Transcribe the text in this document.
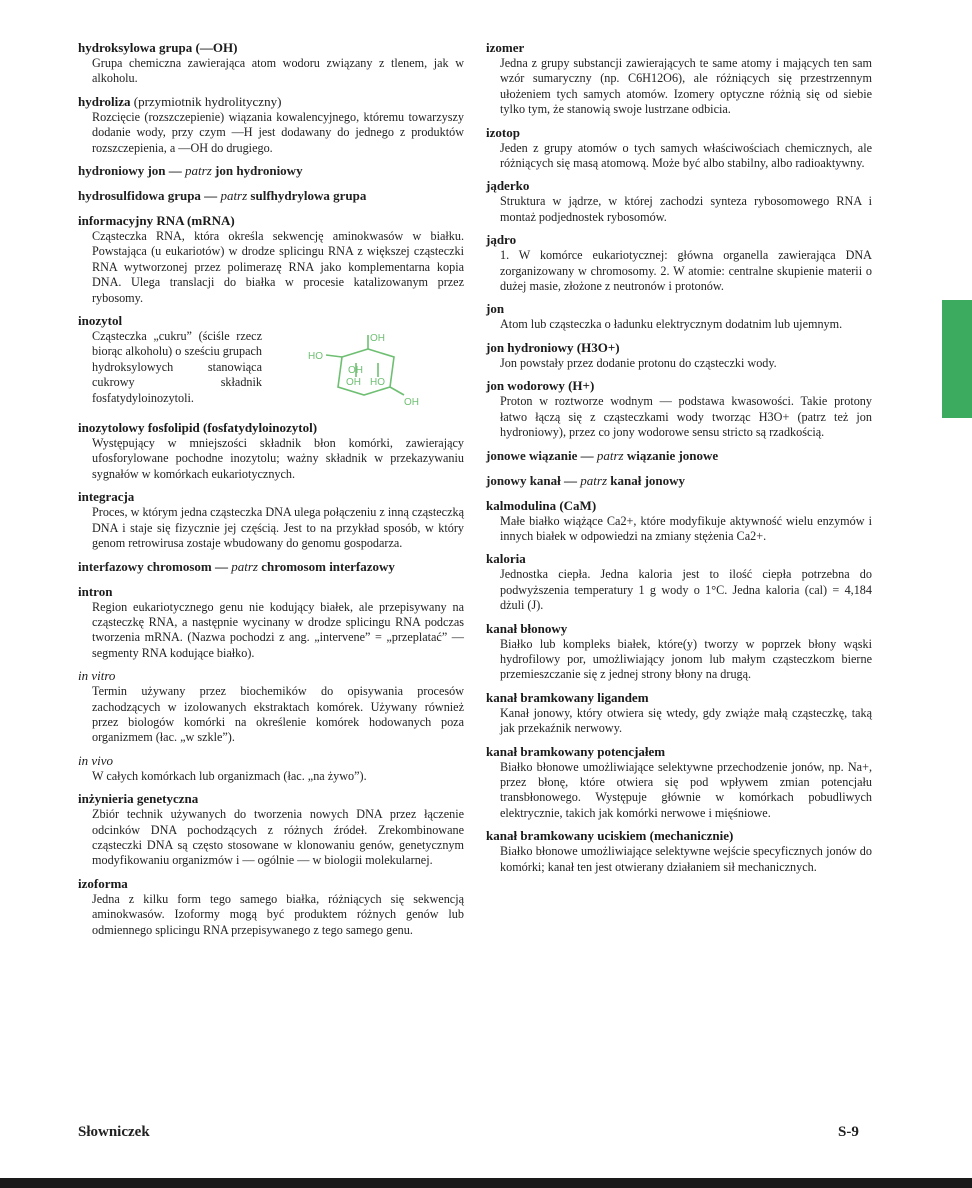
hydroksylowa grupa (—OH)
Grupa chemiczna zawierająca atom wodoru związany z tlenem, jak w alkoholu.
hydroliza (przymiotnik hydrolityczny)
Rozcięcie (rozszczepienie) wiązania kowalencyjnego, któremu towarzyszy dodanie wody, przy czym —H jest dodawany do jednego z produktów rozszczepienia, a —OH do drugiego.
hydroniowy jon — patrz jon hydroniowy
hydrosulfidowa grupa — patrz sulfhydrylowa grupa
informacyjny RNA (mRNA)
Cząsteczka RNA, która określa sekwencję aminokwasów w białku. Powstająca (u eukariotów) w drodze splicingu RNA z większej cząsteczki RNA wytworzonej przez polimerazę RNA jako komplementarna kopia DNA. Ulega translacji do białka w procesie katalizowanym przez rybosomy.
inozytol
Cząsteczka „cukru” (ściśle rzecz biorąc alkoholu) o sześciu grupach hydroksylowych stanowiąca cukrowy składnik fosfatydyloinozytoli.
OH
HO
OH
OH HO
OH
inozytolowy fosfolipid (fosfatydyloinozytol)
Występujący w mniejszości składnik błon komórki, zawierający ufosforylowane pochodne inozytolu; ważny składnik w przekazywaniu sygnałów w komórkach eukariotycznych.
integracja
Proces, w którym jedna cząsteczka DNA ulega połączeniu z inną cząsteczką DNA i staje się fizycznie jej częścią. Jest to na przykład sposób, w który genom retrowirusa zostaje wbudowany do genomu gospodarza.
interfazowy chromosom — patrz chromosom interfazowy
intron
Region eukariotycznego genu nie kodujący białek, ale przepisywany na cząsteczkę RNA, a następnie wycinany w drodze splicingu RNA podczas tworzenia mRNA. (Nazwa pochodzi z ang. „intervene” = „przeplatać” — segmenty RNA kodujące białko).
in vitro
Termin używany przez biochemików do opisywania procesów zachodzących w izolowanych ekstraktach komórek. Używany również przez biologów komórki na określenie komórek hodowanych poza organizmem (łac. „w szkle”).
in vivo
W całych komórkach lub organizmach (łac. „na żywo”).
inżynieria genetyczna
Zbiór technik używanych do tworzenia nowych DNA przez łączenie odcinków DNA pochodzących z różnych źródeł. Zrekombinowane cząsteczki DNA są często stosowane w klonowaniu genów, genetycznym modyfikowaniu organizmów i — ogólnie — w biologii molekularnej.
izoforma
Jedna z kilku form tego samego białka, różniących się sekwencją aminokwasów. Izoformy mogą być produktem różnych genów lub odmiennego splicingu RNA przepisywanego z tego samego genu.
izomer
Jedna z grupy substancji zawierających te same atomy i mających ten sam wzór sumaryczny (np. C6H12O6), ale różniących się przestrzennym ułożeniem tych samych atomów. Izomery optyczne różnią się od siebie tylko tym, że stanowią swoje lustrzane odbicia.
izotop
Jeden z grupy atomów o tych samych właściwościach chemicznych, ale różniących się masą atomową. Może być albo stabilny, albo radioaktywny.
jąderko
Struktura w jądrze, w której zachodzi synteza rybosomowego RNA i montaż podjednostek rybosomów.
jądro
1. W komórce eukariotycznej: główna organella zawierająca DNA zorganizowany w chromosomy. 2. W atomie: centralne skupienie materii o dużej masie, złożone z neutronów i protonów.
jon
Atom lub cząsteczka o ładunku elektrycznym dodatnim lub ujemnym.
jon hydroniowy (H3O+)
Jon powstały przez dodanie protonu do cząsteczki wody.
jon wodorowy (H+)
Proton w roztworze wodnym — podstawa kwasowości. Takie protony łatwo łączą się z cząsteczkami wody tworząc H3O+ (patrz też jon hydroniowy), przez co jony wodorowe sensu stricto są rzadkością.
jonowe wiązanie — patrz wiązanie jonowe
jonowy kanał — patrz kanał jonowy
kalmodulina (CaM)
Małe białko wiążące Ca2+, które modyfikuje aktywność wielu enzymów i innych białek w odpowiedzi na zmiany stężenia Ca2+.
kaloria
Jednostka ciepła. Jedna kaloria jest to ilość ciepła potrzebna do podwyższenia temperatury 1 g wody o 1°C. Jedna kaloria (cal) = 4,184 dżuli (J).
kanał błonowy
Białko lub kompleks białek, które(y) tworzy w poprzek błony wąski hydrofilowy por, umożliwiający jonom lub małym cząsteczkom bierne przemieszczanie się z jednej strony błony na drugą.
kanał bramkowany ligandem
Kanał jonowy, który otwiera się wtedy, gdy zwiąże małą cząsteczkę, taką jak przekaźnik nerwowy.
kanał bramkowany potencjałem
Białko błonowe umożliwiające selektywne przechodzenie jonów, np. Na+, przez błonę, które otwiera się pod wpływem zmian potencjału transbłonowego. Występuje głównie w komórkach pobudliwych elektrycznie, takich jak komórki nerwowe i mięśniowe.
kanał bramkowany uciskiem (mechanicznie)
Białko błonowe umożliwiające selektywne wejście specyficznych jonów do komórki; kanał ten jest otwierany działaniem sił mechanicznych.
Słowniczek	S-9
